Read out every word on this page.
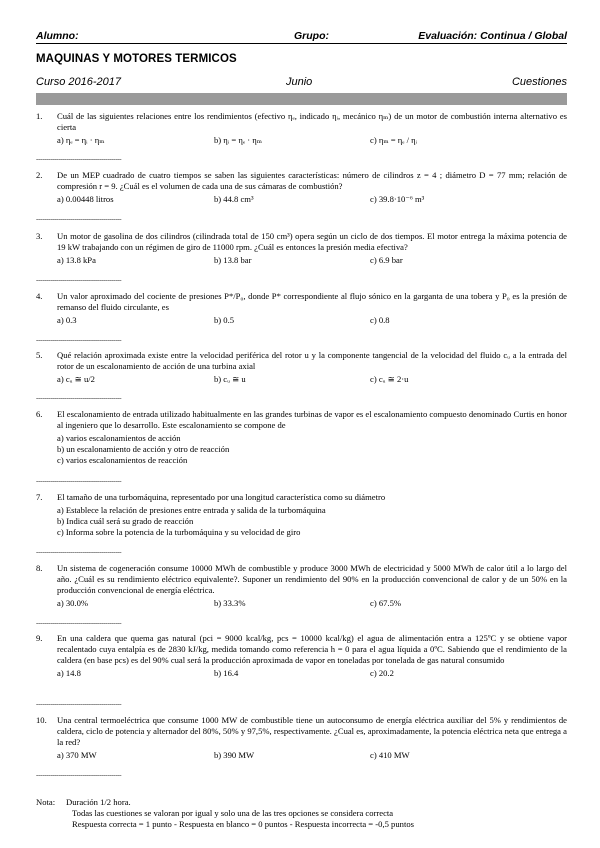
Alumno:	Grupo:	Evaluación: Continua / Global
MAQUINAS Y MOTORES TERMICOS
Curso 2016-2017	Junio	Cuestiones
1. Cuál de las siguientes relaciones entre los rendimientos (efectivo ηₑ, indicado ηᵢ, mecánico ηₘ) de un motor de combustión interna alternativo es cierta
a) ηₑ = ηᵢ · ηₘ	b) ηᵢ = ηₑ · ηₘ	c) ηₘ = ηₑ / ηᵢ
------------------------------------------
2. De un MEP cuadrado de cuatro tiempos se saben las siguientes características: número de cilindros z = 4 ; diámetro D = 77 mm; relación de compresión r = 9. ¿Cuál es el volumen de cada una de sus cámaras de combustión?
a) 0.00448 litros	b) 44.8 cm³	c) 39.8·10⁻⁶ m³
------------------------------------------
3. Un motor de gasolina de dos cilindros (cilindrada total de 150 cm³) opera según un ciclo de dos tiempos. El motor entrega la máxima potencia de 19 kW trabajando con un régimen de giro de 11000 rpm. ¿Cuál es entonces la presión media efectiva?
a) 13.8 kPa	b) 13.8 bar	c) 6.9 bar
------------------------------------------
4. Un valor aproximado del cociente de presiones P*/P₀, donde P* correspondiente al flujo sónico en la garganta de una tobera y P₀ es la presión de remanso del fluido circulante, es
a) 0.3	b) 0.5	c) 0.8
------------------------------------------
5. Qué relación aproximada existe entre la velocidad periférica del rotor u y la componente tangencial de la velocidad del fluido cᵤ a la entrada del rotor de un escalonamiento de acción de una turbina axial
a) cᵤ ≅ u/2	b) cᵤ ≅ u	c) cᵤ ≅ 2·u
------------------------------------------
6. El escalonamiento de entrada utilizado habitualmente en las grandes turbinas de vapor es el escalonamiento compuesto denominado Curtis en honor al ingeniero que lo desarrollo. Este escalonamiento se compone de
a) varios escalonamientos de acción
b) un escalonamiento de acción y otro de reacción
c) varios escalonamientos de reacción
------------------------------------------
7. El tamaño de una turbomáquina, representado por una longitud característica como su diámetro
a) Establece la relación de presiones entre entrada y salida de la turbomáquina
b) Indica cuál será su grado de reacción
c) Informa sobre la potencia de la turbomáquina y su velocidad de giro
------------------------------------------
8. Un sistema de cogeneración consume 10000 MWh de combustible y produce 3000 MWh de electricidad y 5000 MWh de calor útil a lo largo del año. ¿Cuál es su rendimiento eléctrico equivalente?. Suponer un rendimiento del 90% en la producción convencional de calor y de un 50% en la producción convencional de energía eléctrica.
a) 30.0%	b) 33.3%	c) 67.5%
------------------------------------------
9. En una caldera que quema gas natural (pci = 9000 kcal/kg, pcs = 10000 kcal/kg) el agua de alimentación entra a 125ºC y se obtiene vapor recalentado cuya entalpía es de 2830 kJ/kg, medida tomando como referencia h = 0 para el agua líquida a 0ºC. Sabiendo que el rendimiento de la caldera (en base pcs) es del 90% cual será la producción aproximada de vapor en toneladas por tonelada de gas natural consumido
a) 14.8	b) 16.4	c) 20.2
------------------------------------------
10. Una central termoeléctrica que consume 1000 MW de combustible tiene un autoconsumo de energía eléctrica auxiliar del 5% y rendimientos de caldera, ciclo de potencia y alternador del 80%, 50% y 97,5%, respectivamente. ¿Cual es, aproximadamente, la potencia eléctrica neta que entrega a la red?
a) 370 MW	b) 390 MW	c) 410 MW
------------------------------------------
Nota: Duración 1/2 hora.
Todas las cuestiones se valoran por igual y solo una de las tres opciones se considera correcta
Respuesta correcta = 1 punto - Respuesta en blanco = 0 puntos - Respuesta incorrecta = -0,5 puntos
